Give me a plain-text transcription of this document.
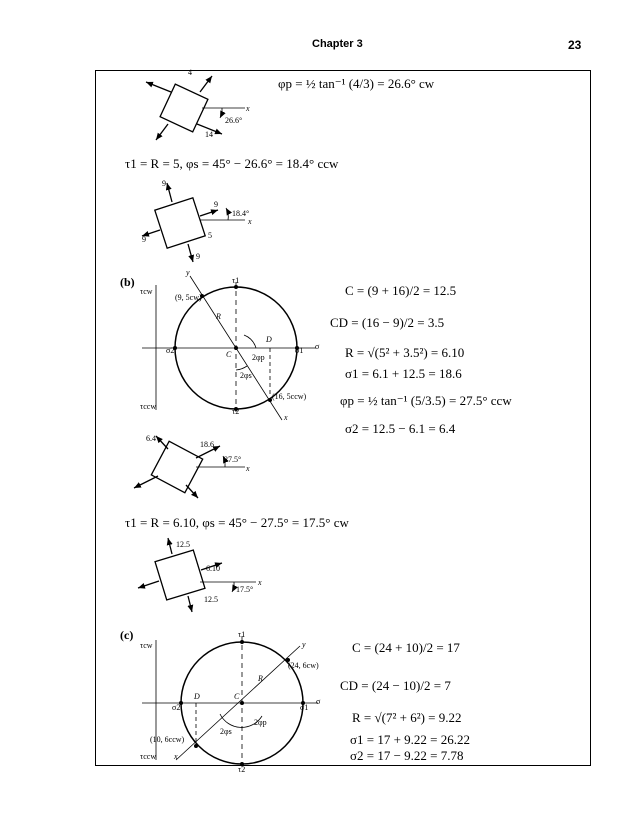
Chapter 3	23
4
14
26.6°
x
9
9
5
9
9
18.4°
x
6.4
18.6
27.5°
x
12.5
6.10
12.5
17.5°
x
φp = ½ tan⁻¹ (4/3) = 26.6° cw
τ1 = R = 5, φs = 45° − 26.6° = 18.4° ccw
(b)
C = (9 + 16)/2 = 12.5
CD = (16 − 9)/2 = 3.5
R = √(5² + 3.5²) = 6.10
σ1 = 6.1 + 12.5 = 18.6
φp = ½ tan⁻¹ (5/3.5) = 27.5° ccw
σ2 = 12.5 − 6.1 = 6.4
τcw
τccw
(9, 5cw)
(16, 5ccw)
R
D
C	σ1
σ2	σ
τ1
τ2
2φp
2φs
x
y
τ1 = R = 6.10, φs = 45° − 27.5° = 17.5° cw
(c)
C = (24 + 10)/2 = 17
CD = (24 − 10)/2 = 7
R = √(7² + 6²) = 9.22
σ1 = 17 + 9.22 = 26.22
σ2 = 17 − 9.22 = 7.78
τcw
τccw
(24, 6cw)
(10, 6ccw)
R
D	C
σ1
σ2
σ
τ1
τ2
2φp
2φs
x
y
